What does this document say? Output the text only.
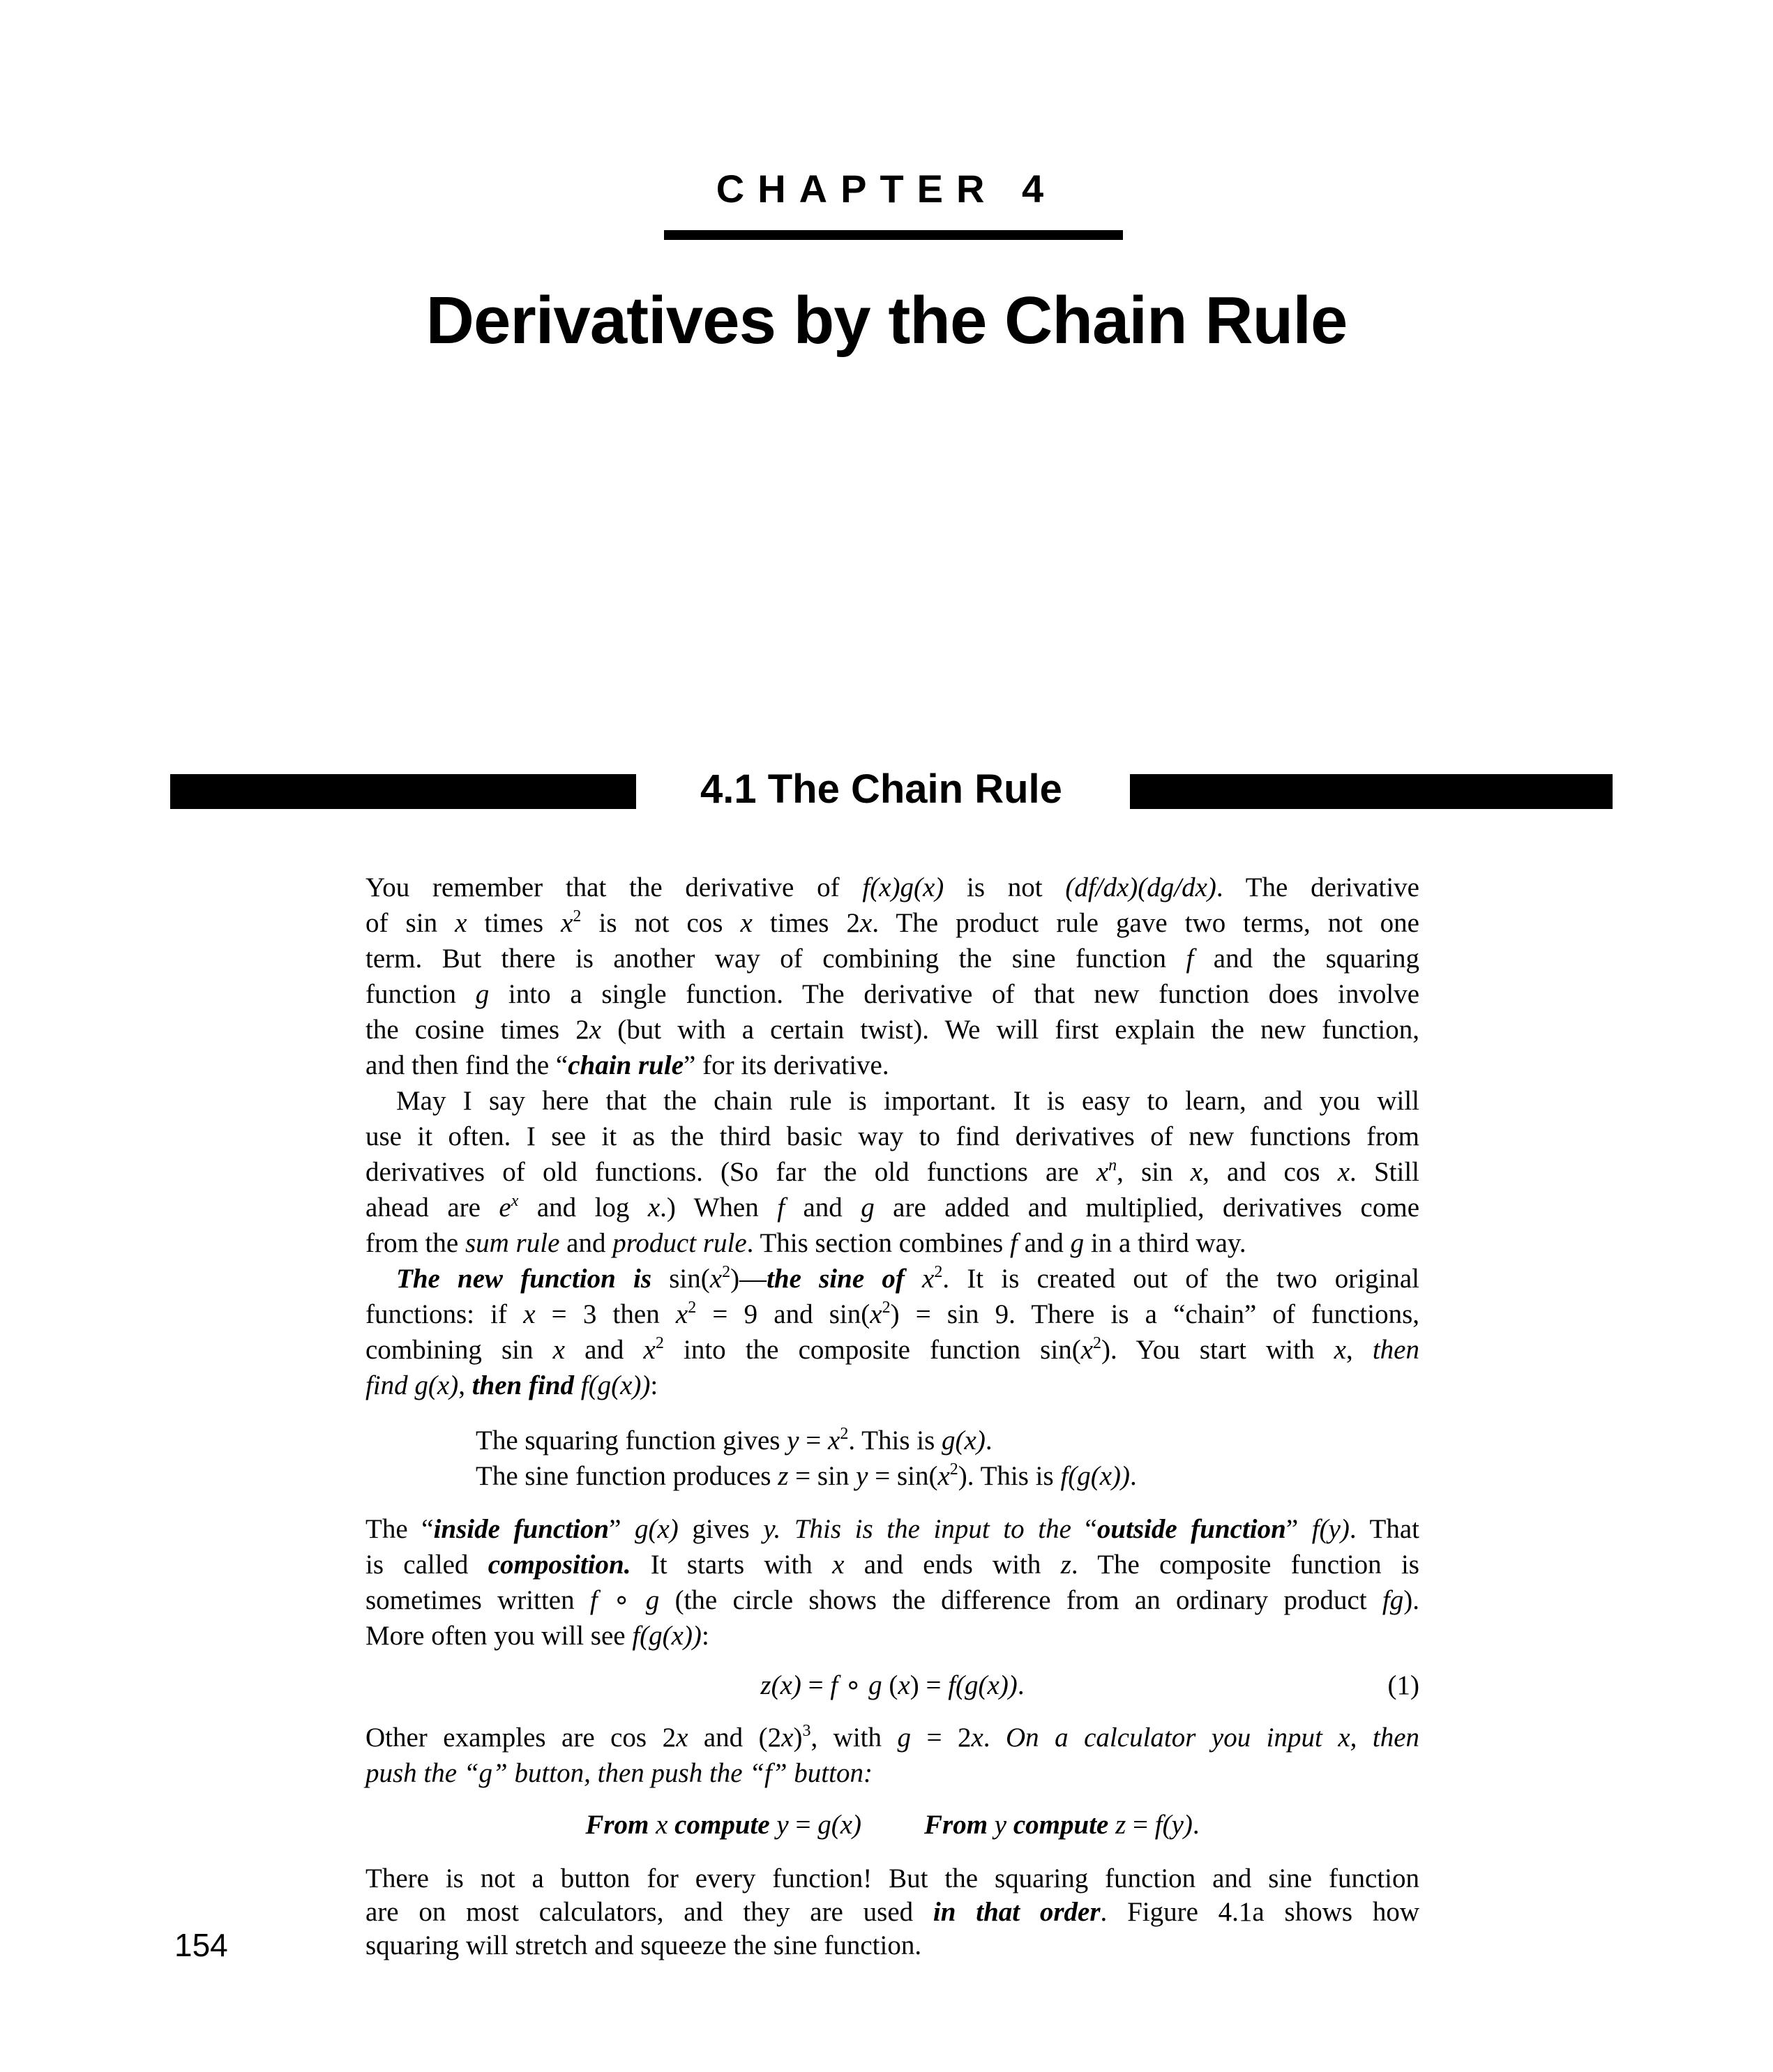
CHAPTER 4
Derivatives by the Chain Rule
4.1 The Chain Rule
You remember that the derivative of f(x)g(x) is not (df/dx)(dg/dx). The derivative
of sin x times $x^2$ is not cos x times 2x. The product rule gave two terms, not one
term. But there is another way of combining the sine function f and the squaring
function g into a single function. The derivative of that new function does involve
the cosine times 2x (but with a certain twist). We will first explain the new function,
and then find the “chain rule” for its derivative.
May I say here that the chain rule is important. It is easy to learn, and you will
use it often. I see it as the third basic way to find derivatives of new functions from
derivatives of old functions. (So far the old functions are $x^n$, sin x, and cos x. Still
ahead are $e^x$ and log x.) When f and g are added and multiplied, derivatives come
from the sum rule and product rule. This section combines f and g in a third way.
The new function is $\sin(x^2)—the$ sine of $x^2$. It is created out of the two original
functions: if x = 3 then $x^2 = 9$ and $\sin(x^2) = \sin 9$. There is a “chain” of functions,
combining sin x and $x^2$ into the composite function $\sin(x^2)$. You start with x, then
find g(x), then find f(g(x)):
The squaring function gives $y = x^2$. This is g(x).
The sine function produces $z = \sin y = \sin(x^2)$. This is f(g(x)).
The “inside function” g(x) gives y. This is the input to the “outside function” f(y). That
is called composition. It starts with x and ends with z. The composite function is
sometimes written f ∘ g (the circle shows the difference from an ordinary product fg).
More often you will see f(g(x)):
z(x) = f ∘ g (x) = f(g(x)).
Other examples are cos 2x and $(2x)^3$, with g = 2x. On a calculator you input x, then
push the “g” button, then push the “f” button:
From x compute y = g(x) From y compute z = f(y).
There is not a button for every function! But the squaring function and sine function
are on most calculators, and they are used in that order. Figure 4.1a shows how
squaring will stretch and squeeze the sine function.
(1)
154
